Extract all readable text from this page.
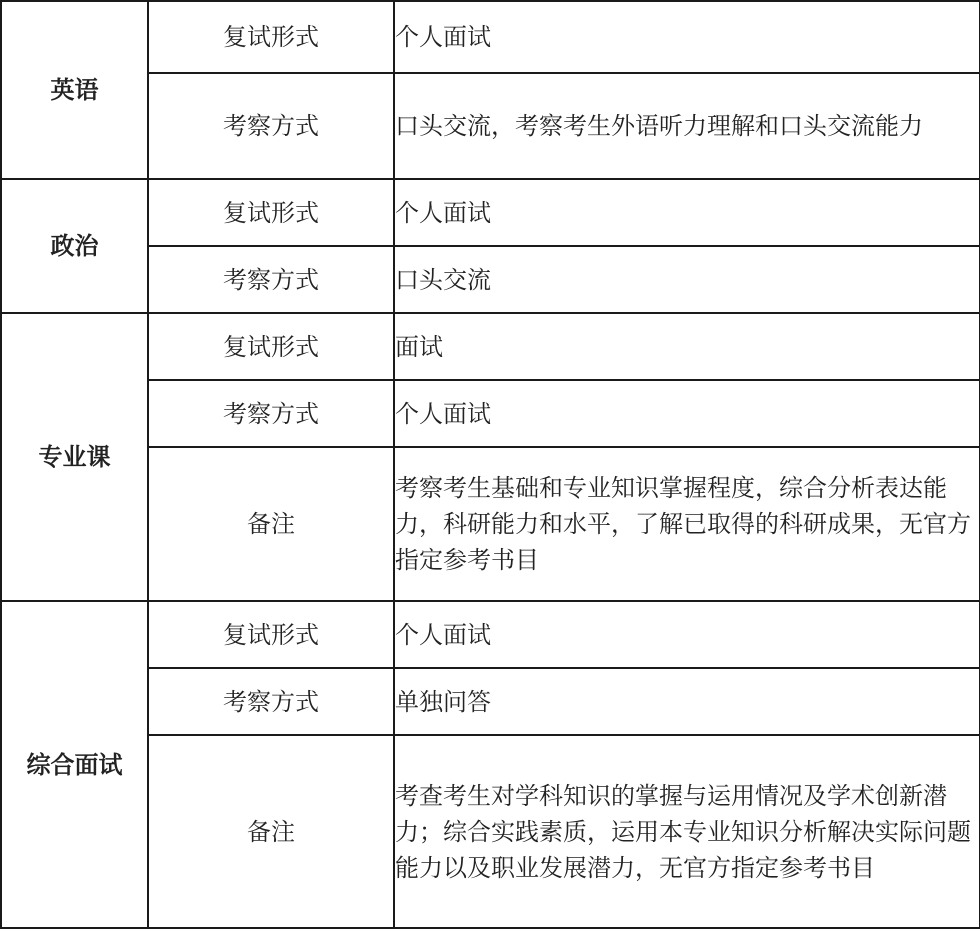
英语	复试形式	个人面试
	考察方式	口头交流，考察考生外语听力理解和口头交流能力
政治	复试形式	个人面试
	考察方式	口头交流
专业课	复试形式	面试
	考察方式	个人面试
	备注	考察考生基础和专业知识掌握程度，综合分析表达能力，科研能力和水平，了解已取得的科研成果，无官方指定参考书目
综合面试	复试形式	个人面试
	考察方式	单独问答
	备注	考查考生对学科知识的掌握与运用情况及学术创新潜力；综合实践素质，运用本专业知识分析解决实际问题能力以及职业发展潜力，无官方指定参考书目
